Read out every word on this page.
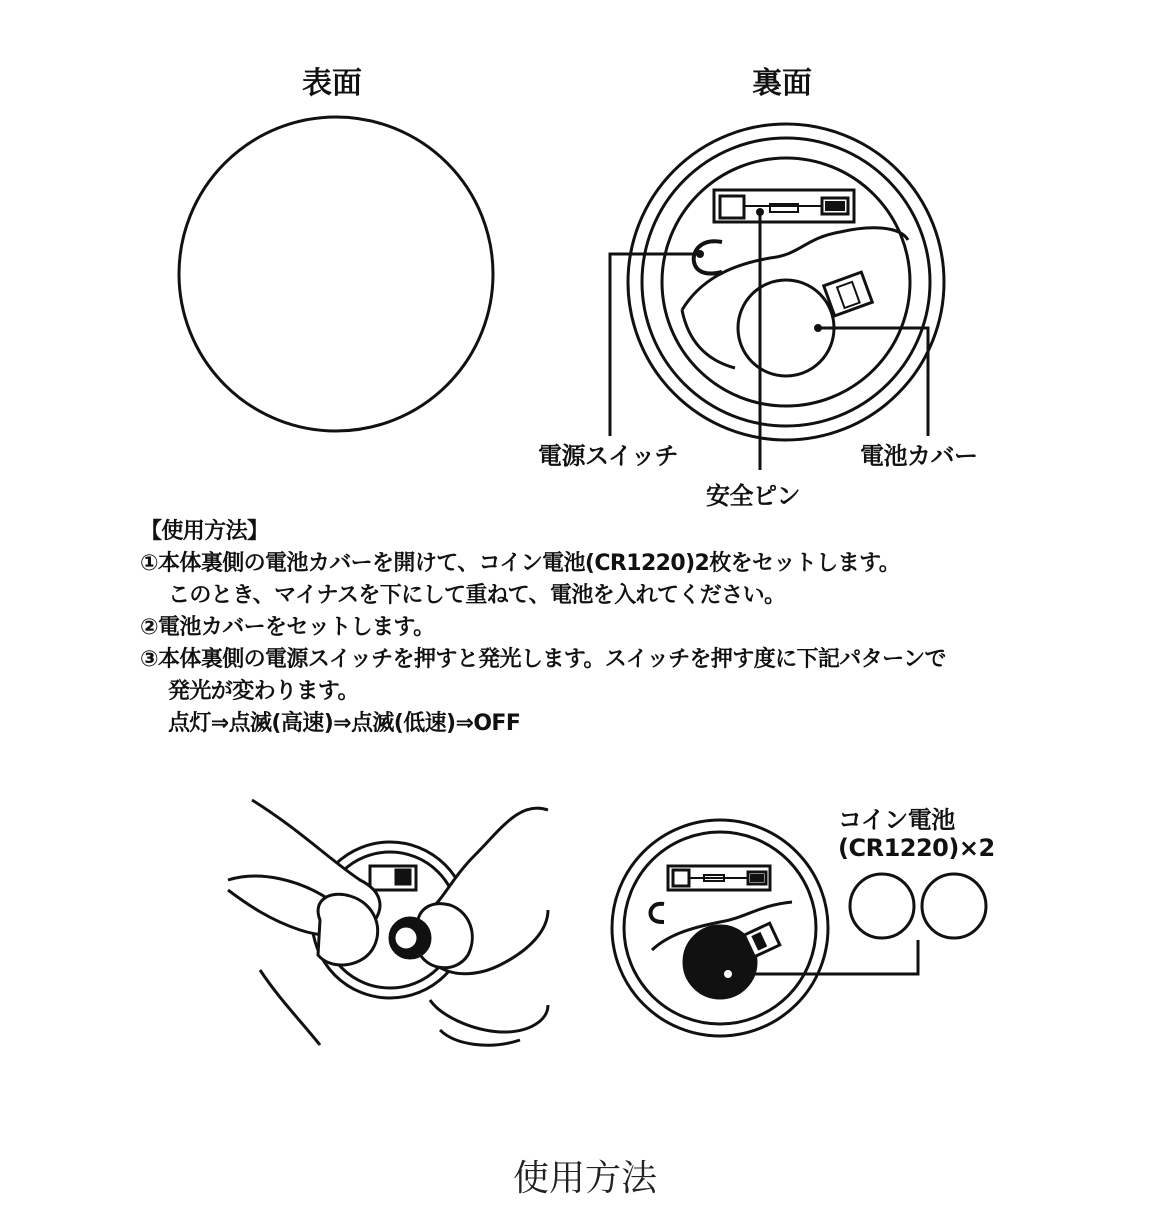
表面	裏面
電源スイッチ
安全ピン
電池カバー
【使用方法】
①本体裏側の電池カバーを開けて、コイン電池(CR1220)2枚をセットします。
このとき、マイナスを下にして重ねて、電池を入れてください。
②電池カバーをセットします。
③本体裏側の電源スイッチを押すと発光します。スイッチを押す度に下記パターンで
発光が変わります。
点灯⇒点滅(高速)⇒点滅(低速)⇒OFF
コイン電池
(CR1220)×2
使用方法
